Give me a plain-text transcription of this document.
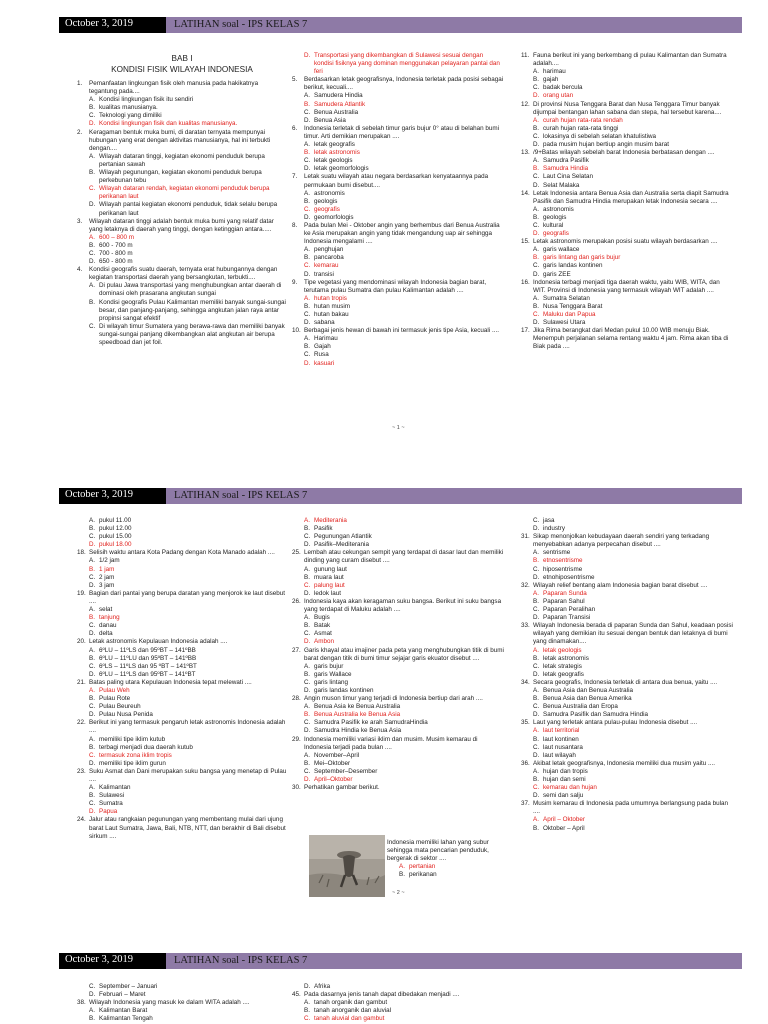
October 3, 2019	LATIHAN soal - IPS KELAS 7
BAB I
KONDISI FISIK WILAYAH INDONESIA
1. Pemanfaatan lingkungan fisik oleh manusia pada hakikatnya tegantung pada....
A. Kondisi lingkungan fisik itu sendiri
B. kualitas manusianya.
C. Teknologi yang dimiliki
D. Kondisi lingkungan fisik dan kualitas manusianya.
2. Keragaman bentuk muka bumi, di daratan ternyata mempunyai hubungan yang erat dengan aktivitas manusianya, hal ini terbukti dengan....
A. Wilayah dataran tinggi, kegiatan ekonomi penduduk berupa pertanian sawah
B. Wilayah pegunungan, kegiatan ekonomi penduduk berupa perkebunan tebu
C. Wilayah dataran rendah, kegiatan ekonomi penduduk berupa perikanan laut
D. Wilayah pantai kegiatan ekonomi penduduk, tidak selalu berupa perikanan laut
3. Wilayah dataran tinggi adalah bentuk muka bumi yang relatif datar yang letaknya di daerah yang tinggi, dengan ketinggian antara.....
A. 600 – 800 m
B. 600 - 700 m
C. 700 - 800 m
D. 650 - 800 m
4. Kondisi geografis suatu daerah, ternyata erat hubungannya dengan kegiatan transportasi daerah yang bersangkutan, terbukti....
A. Di pulau Jawa transportasi yang menghubungkan antar daerah di dominasi oleh prasarana angkutan sungai
B. Kondisi geografis Pulau Kalimantan memiliki banyak sungai-sungai besar, dan panjang-panjang, sehingga angkutan jalan raya antar propinsi sangat efektif
C. Di wilayah timur Sumatera yang berawa-rawa dan memiliki banyak sungai-sungai panjang dikembangkan alat angkutan air berupa speedboad dan jet foil.
D. Transportasi yang dikembangkan di Sulawesi sesuai dengan kondisi fisiknya yang dominan menggunakan pelayaran pantai dan feri
5. Berdasarkan letak geografisnya, Indonesia terletak pada posisi sebagai berikut, kecuali....
A. Samudera Hindia
B. Samudera Atlantik
C. Benua Australia
D. Benua Asia
6. Indonesia terletak di sebelah timur garis bujur 0° atau di belahan bumi timur. Arti demikian merupakan ....
A. letak geografis
B. letak astronomis
C. letak geologis
D. letak geomorfologis
7. Letak suatu wilayah atau negara berdasarkan kenyataannya pada permukaan bumi disebut....
A. astronomis
B. geologis
C. geografis
D. geomorfologis
8. Pada bulan Mei - Oktober angin yang berhembus dari Benua Australia ke Asia merupakan angin yang tidak mengandung uap air sehingga Indonesia mengalami ....
A. penghujan
B. pancaroba
C. kemarau
D. transisi
9. Tipe vegetasi yang mendominasi wilayah Indonesia bagian barat, terutama pulau Sumatra dan pulau Kalimantan adalah ....
A. hutan tropis
B. hutan musim
C. hutan bakau
D. sabana
10. Berbagai jenis hewan di bawah ini termasuk jenis tipe Asia, kecuali ....
A. Harimau
B. Gajah
C. Rusa
D. kasuari
11. Fauna berikut ini yang berkembang di pulau Kalimantan dan Sumatra adalah....
A. harimau
B. gajah
C. badak bercula
D. orang utan
12. Di provinsi Nusa Tenggara Barat dan Nusa Tenggara Timur banyak dijumpai bentangan lahan sabana dan stepa, hal tersebut karena....
A. curah hujan rata-rata rendah
B. curah hujan rata-rata tinggi
C. lokasinya di sebelah selatan khatulistiwa
D. pada musim hujan bertiup angin musim barat
13. /9+Batas wilayah sebelah barat Indonesia berbatasan dengan ....
A. Samudra Pasifik
B. Samudra Hindia
C. Laut Cina Selatan
D. Selat Malaka
14. Letak Indonesia antara Benua Asia dan Australia serta diapit Samudra Pasifik dan Samudra Hindia merupakan letak Indonesia secara ....
A. astronomis
B. geologis
C. kultural
D. geografis
15. Letak astronomis merupakan posisi suatu wilayah berdasarkan ....
A. garis wallace
B. garis lintang dan garis bujur
C. garis landas kontinen
D. garis ZEE
16. Indonesia terbagi menjadi tiga daerah waktu, yaitu WIB, WITA, dan WIT. Provinsi di Indonesia yang termasuk wilayah WIT adalah ....
A. Sumatra Selatan
B. Nusa Tenggara Barat
C. Maluku dan Papua
D. Sulawesi Utara
17. Jika Rima berangkat dari Medan pukul 10.00 WIB menuju Biak. Menempuh perjalanan selama rentang waktu 4 jam. Rima akan tiba di Biak pada ....
~ 1 ~
October 3, 2019	LATIHAN soal - IPS KELAS 7
A. pukul 11.00
B. pukul 12.00
C. pukul 15.00
D. pukul 18.00
18. Selisih waktu antara Kota Padang dengan Kota Manado adalah ....
A. 1/2 jam
B. 1 jam
C. 2 jam
D. 3 jam
19. Bagian dari pantai yang berupa daratan yang menjorok ke laut disebut ....
A. selat
B. tanjung
C. danau
D. delta
20. Letak astronomis Kepulauan Indonesia adalah ....
A. 6ºLU – 11ºLS dan 95ºBT – 141ºBB
B. 6ºLU – 11ºLU dan 95ºBT – 141ºBB
C. 6ºLS – 11ºLS dan 95 ºBT – 141ºBT
D. 6ºLU – 11ºLS dan 95ºBT – 141ºBT
21. Batas paling utara Kepulauan Indonesia tepat melewati ....
A. Pulau Weh
B. Pulau Rote
C. Pulau Beureuh
D. Pulau Nusa Penida
22. Berikut ini yang termasuk pengaruh letak astronomis Indonesia adalah ....
A. memiliki tipe iklim kutub
B. terbagi menjadi dua daerah kutub
C. termasuk zona iklim tropis
D. memiliki tipe iklim gurun
23. Suku Asmat dan Dani merupakan suku bangsa yang menetap di Pulau ....
A. Kalimantan
B. Sulawesi
C. Sumatra
D. Papua
24. Jalur atau rangkaian pegunungan yang membentang mulai dari ujung barat Laut Sumatra, Jawa, Bali, NTB, NTT, dan berakhir di Bali disebut sirkum ....
A. Mediterania
B. Pasifik
C. Pegunungan Atlantik
D. Pasifik–Mediterania
25. Lembah atau cekungan sempit yang terdapat di dasar laut dan memiliki dinding yang curam disebut ....
A. gunung laut
B. muara laut
C. palung laut
D. ledok laut
26. Indonesia kaya akan keragaman suku bangsa. Berikut ini suku bangsa yang terdapat di Maluku adalah ....
A. Bugis
B. Batak
C. Asmat
D. Ambon
27. Garis khayal atau imajiner pada peta yang menghubungkan titik di bumi barat dengan titik di bumi timur sejajar garis ekuator disebut ....
A. garis bujur
B. garis Wallace
C. garis lintang
D. garis landas kontinen
28. Angin muson timur yang terjadi di Indonesia bertiup dari arah ....
A. Benua Asia ke Benua Australia
B. Benua Australia ke Benua Asia
C. Samudra Pasifik ke arah SamudraHindia
D. Samudra Hindia ke Benua Asia
29. Indonesia memiliki variasi iklim dan musim. Musim kemarau di Indonesia terjadi pada bulan ....
A. November–April
B. Mei–Oktober
C. September–Desember
D. April–Oktober
30. Perhatikan gambar berikut.
Indonesia memiliki lahan yang subur sehingga mata pencarian penduduk, bergerak di sektor ....
A. pertanian
B. perikanan
C. jasa
D. industry
31. Sikap menonjolkan kebudayaan daerah sendiri yang terkadang menyebabkan adanya perpecahan disebut ....
A. sentrisme
B. etnosentrisme
C. hiposentrisme
D. etnohiposentrisme
32. Wilayah relief bentang alam Indonesia bagian barat disebut ....
A. Paparan Sunda
B. Paparan Sahul
C. Paparan Peralihan
D. Paparan Transisi
33. Wilayah Indonesia berada di paparan Sunda dan Sahul, keadaan posisi wilayah yang demikian itu sesuai dengan bentuk dan letaknya di bumi yang dinamakan....
A. letak geologis
B. letak astronomis
C. letak strategis
D. letak geografis
34. Secara geografis, Indonesia terletak di antara dua benua, yaitu ....
A. Benua Asia dan Benua Australia
B. Benua Asia dan Benua Amerika
C. Benua Australia dan Eropa
D. Samudra Pasifik dan Samudra Hindia
35. Laut yang terletak antara pulau-pulau Indonesia disebut ....
A. laut territorial
B. laut kontinen
C. laut nusantara
D. laut wilayah
36. Akibat letak geografisnya, Indonesia memiliki dua musim yaitu ....
A. hujan dan tropis
B. hujan dan semi
C. kemarau dan hujan
D. semi dan salju
37. Musim kemarau di Indonesia pada umumnya berlangsung pada bulan ....
A. April – Oktober
B. Oktober – April
~ 2 ~
October 3, 2019	LATIHAN soal - IPS KELAS 7
C. September – Januari
D. Februari – Maret
38. Wilayah Indonesia yang masuk ke dalam WITA adalah ....
A. Kalimantan Barat
B. Kalimantan Tengah
D. Afrika
45. Pada dasarnya jenis tanah dapat dibedakan menjadi ....
A. tanah organik dan gambut
B. tanah anorganik dan aluvial
C. tanah aluvial dan gambut
